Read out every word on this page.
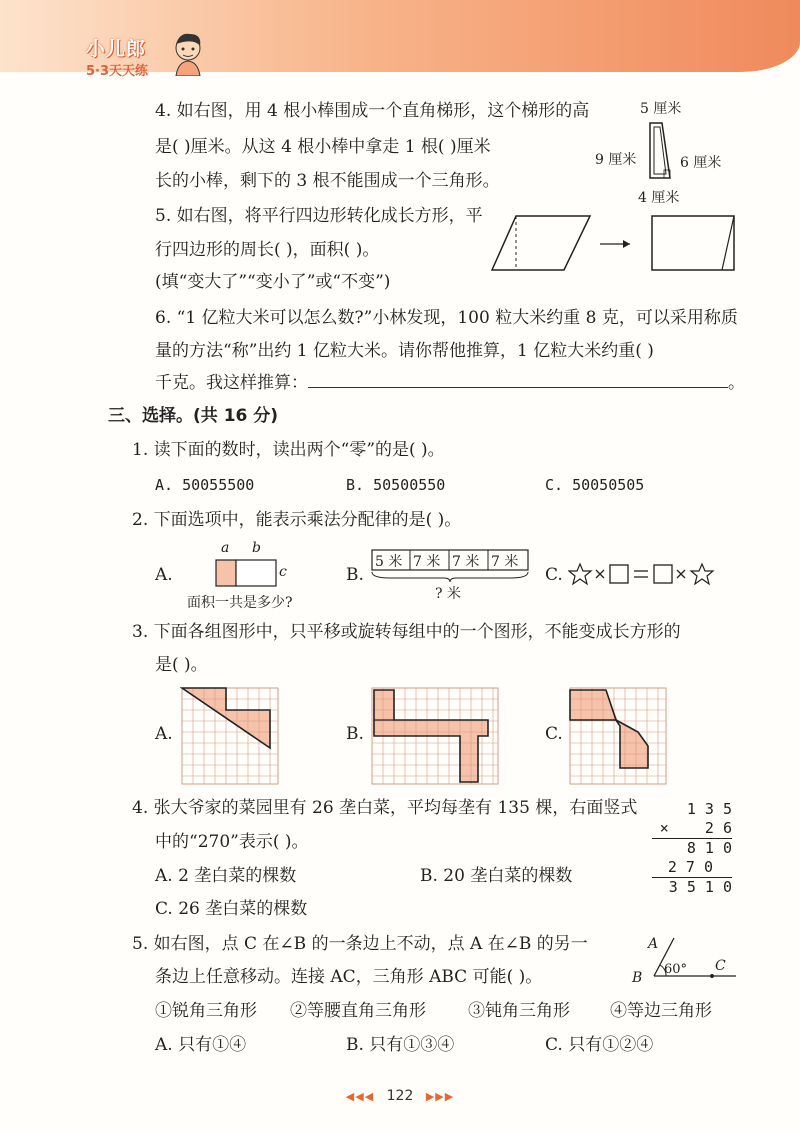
小儿郎
5·3天天练
4. 如右图，用 4 根小棒围成一个直角梯形，这个梯形的高
是( )厘米。从这 4 根小棒中拿走 1 根( )厘米
长的小棒，剩下的 3 根不能围成一个三角形。
5 厘米
9 厘米	6 厘米
4 厘米
5. 如右图，将平行四边形转化成长方形，平
行四边形的周长( )，面积( )。
(填“变大了”“变小了”或“不变”)
6. “1 亿粒大米可以怎么数?”小林发现，100 粒大米约重 8 克，可以采用称质
量的方法“称”出约 1 亿粒大米。请你帮他推算，1 亿粒大米约重( )
千克。我这样推算：	。
三、选择。(共 16 分)
1. 读下面的数时，读出两个“零”的是( )。
A. 50055500	B. 50500550	C. 50050505
2. 下面选项中，能表示乘法分配律的是( )。
A.
a b
c
面积一共是多少?
B.
5 米 7 米 7 米 7 米
? 米
C.
3. 下面各组图形中，只平移或旋转每组中的一个图形，不能变成长方形的
是( )。
A.	B.	C.
4. 张大爷家的菜园里有 26 垄白菜，平均每垄有 135 棵，右面竖式
中的“270”表示( )。
A. 2 垄白菜的棵数	B. 20 垄白菜的棵数
C. 26 垄白菜的棵数
1 3 5
×    2 6
8 1 0
2 7 0
3 5 1 0
5. 如右图，点 C 在∠B 的一条边上不动，点 A 在∠B 的另一
条边上任意移动。连接 AC，三角形 ABC 可能( )。
①锐角三角形 ②等腰直角三角形 ③钝角三角形 ④等边三角形
A. 只有①④	B. 只有①③④	C. 只有①②④
A
B
C
60°
◀◀◀ 122 ▶▶▶
